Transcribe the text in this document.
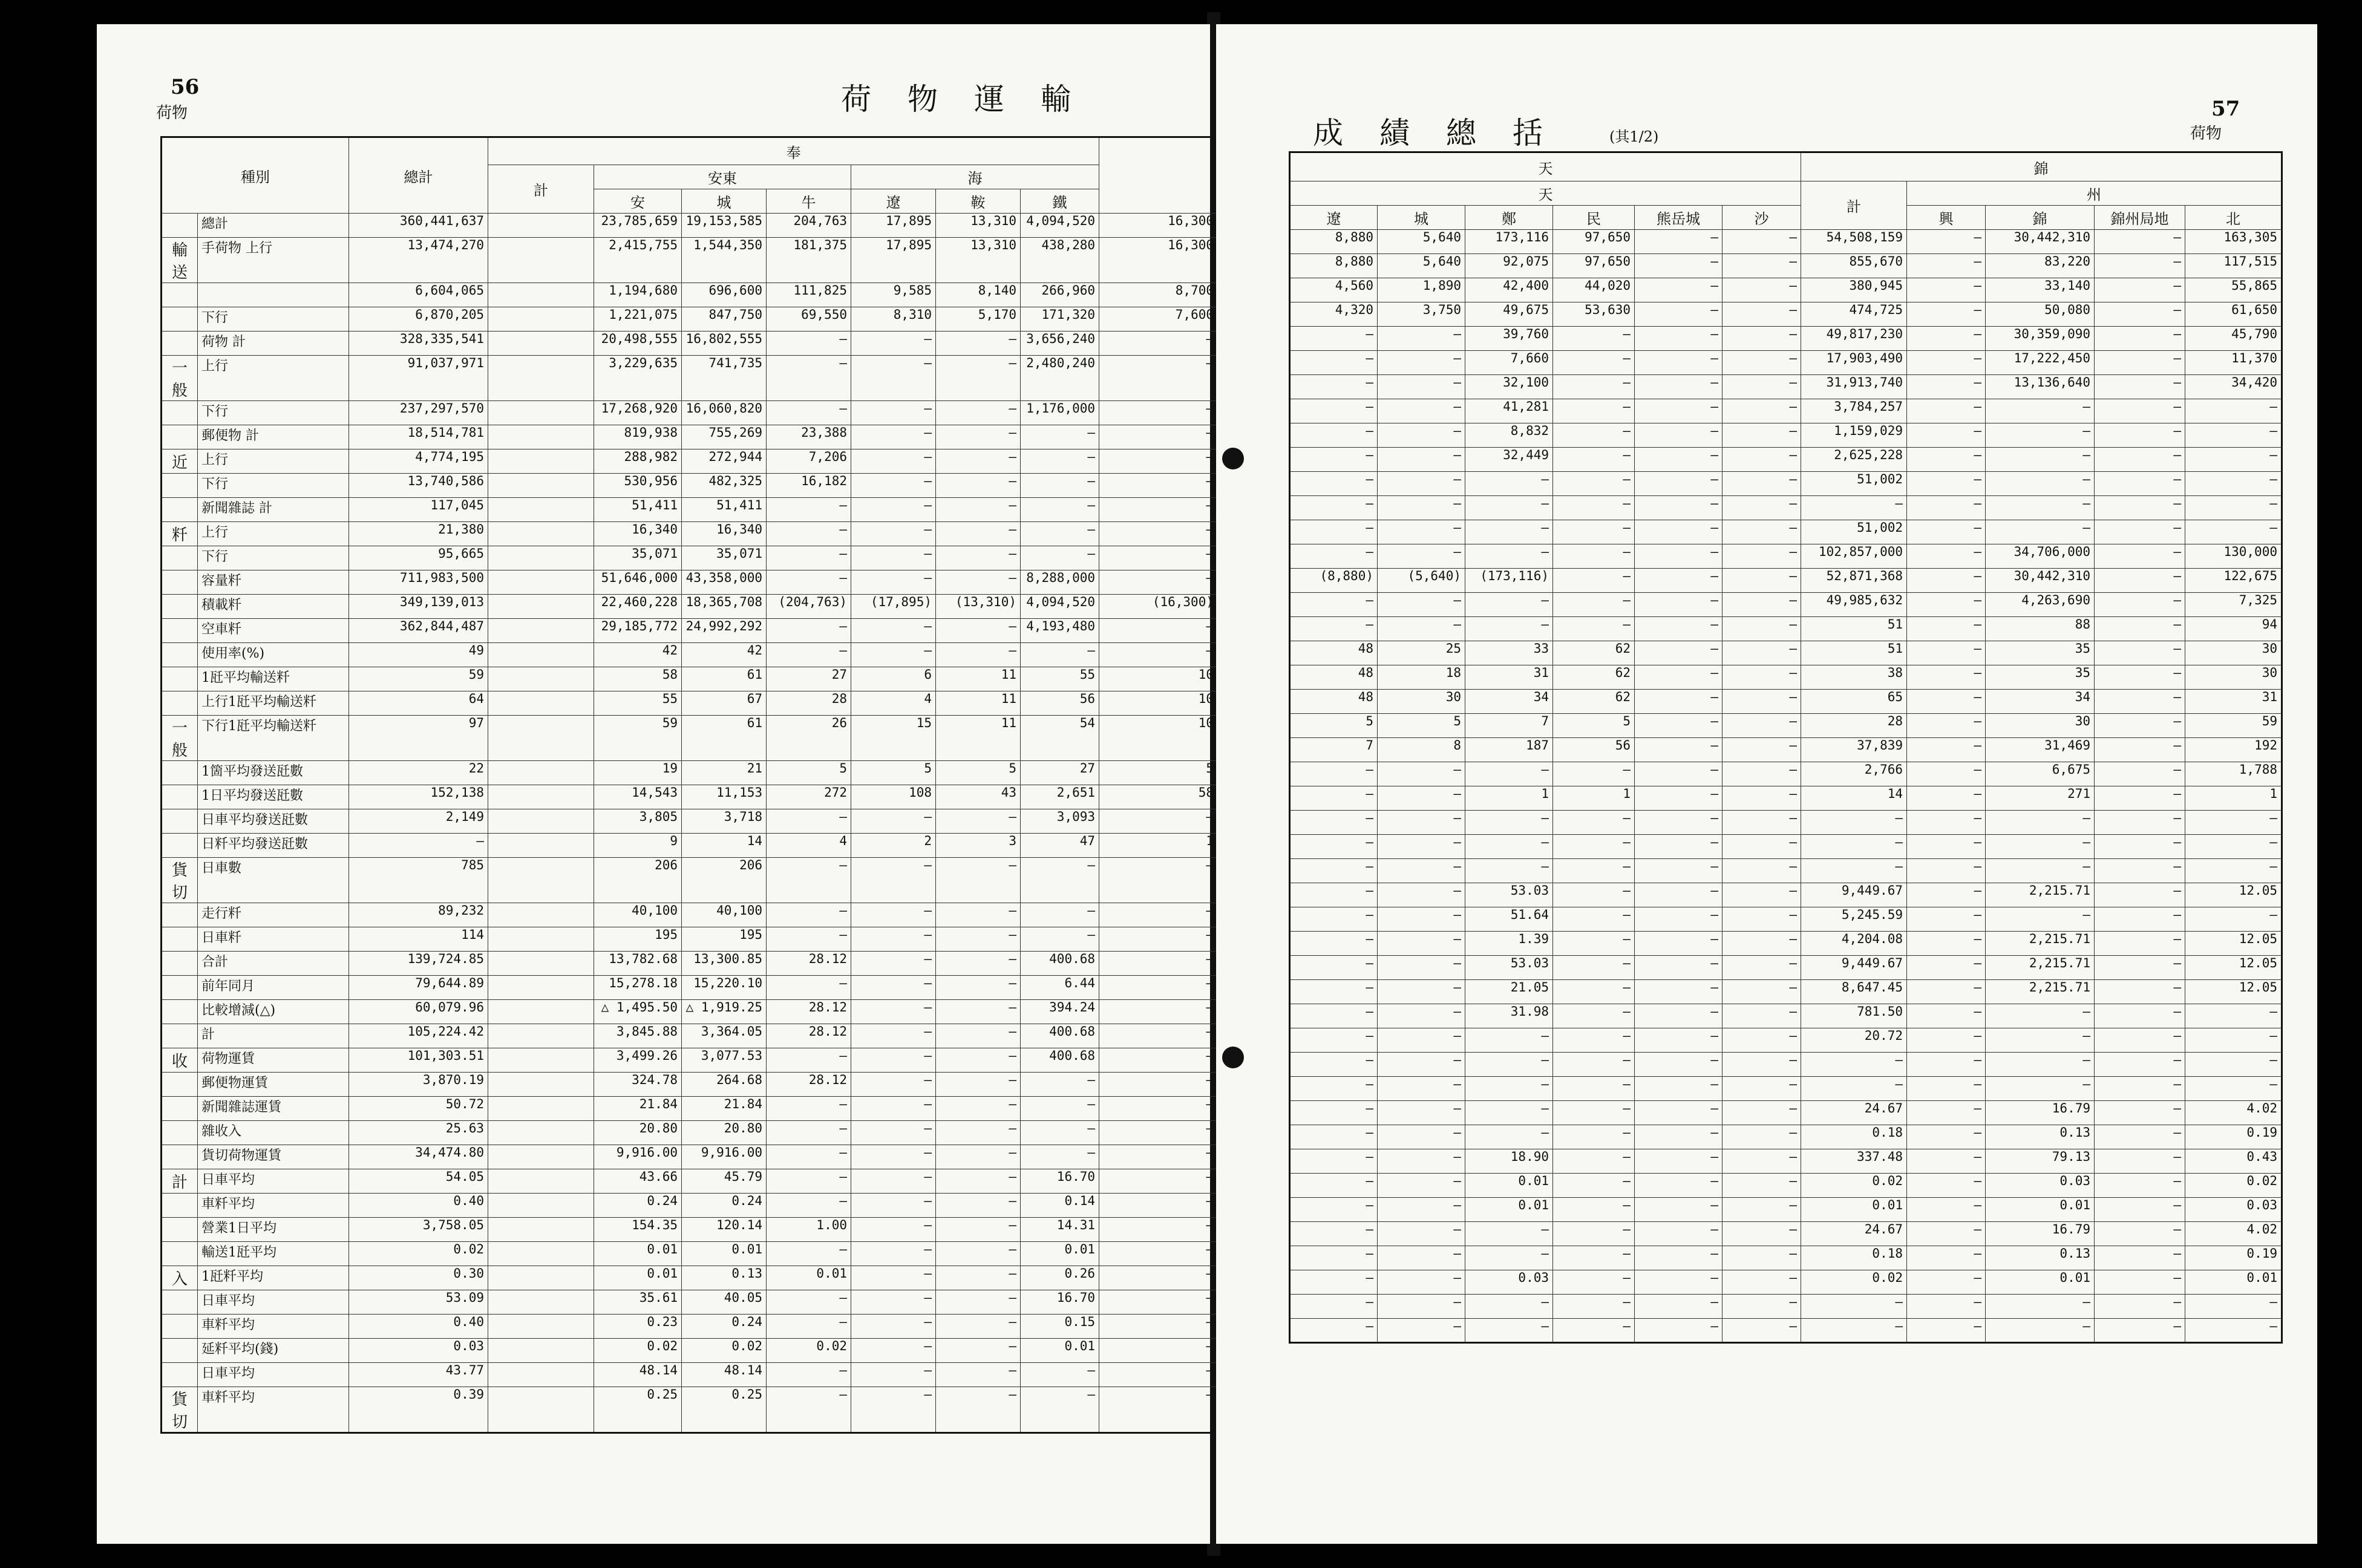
56
荷物	荷物運輸
種別		總計	奉							
			計	安東			海			
				安	城	牛	遼	鞍	鐵	
	總計	360,441,637		23,785,659	19,153,585	204,763	17,895	13,310	4,094,520	16,300
輸送	手荷物 上行	13,474,270		2,415,755	1,544,350	181,375	17,895	13,310	438,280	16,300
		6,604,065		1,194,680	696,600	111,825	9,585	8,140	266,960	8,700
	下行	6,870,205		1,221,075	847,750	69,550	8,310	5,170	171,320	7,600
	荷物 計	328,335,541		20,498,555	16,802,555	—	—	—	3,656,240	—
一般	上行	91,037,971		3,229,635	741,735	—	—	—	2,480,240	—
	下行	237,297,570		17,268,920	16,060,820	—	—	—	1,176,000	—
	郵便物 計	18,514,781		819,938	755,269	23,388	—	—	—	—
近	上行	4,774,195		288,982	272,944	7,206	—	—	—	—
	下行	13,740,586		530,956	482,325	16,182	—	—	—	—
	新聞雜誌 計	117,045		51,411	51,411	—	—	—	—	—
粁	上行	21,380		16,340	16,340	—	—	—	—	—
	下行	95,665		35,071	35,071	—	—	—	—	—
	容量粁	711,983,500		51,646,000	43,358,000	—	—	—	8,288,000	—
	積載粁	349,139,013		22,460,228	18,365,708	(204,763)	(17,895)	(13,310)	4,094,520	(16,300)
	空車粁	362,844,487		29,185,772	24,992,292	—	—	—	4,193,480	—
	使用率(%)	49		42	42	—	—	—	—	—
	1瓩平均輸送粁	59		58	61	27	6	11	55	10
	上行1瓩平均輸送粁	64		55	67	28	4	11	56	10
一般	下行1瓩平均輸送粁	97		59	61	26	15	11	54	10
	1箇平均發送瓩數	22		19	21	5	5	5	27	5
	1日平均發送瓩數	152,138		14,543	11,153	272	108	43	2,651	58
	日車平均發送瓩數	2,149		3,805	3,718	—	—	—	3,093	—
	日粁平均發送瓩數	—		9	14	4	2	3	47	1
貨切	日車數	785		206	206	—	—	—	—	—
	走行粁	89,232		40,100	40,100	—	—	—	—	—
	日車粁	114		195	195	—	—	—	—	—
	合計	139,724.85		13,782.68	13,300.85	28.12	—	—	400.68	—
	前年同月	79,644.89		15,278.18	15,220.10	—	—	—	6.44	—
	比較增減(△)	60,079.96		△ 1,495.50	△ 1,919.25	28.12	—	—	394.24	—
	計	105,224.42		3,845.88	3,364.05	28.12	—	—	400.68	—
收	荷物運賃	101,303.51		3,499.26	3,077.53	—	—	—	400.68	—
	郵便物運賃	3,870.19		324.78	264.68	28.12	—	—	—	—
	新聞雜誌運賃	50.72		21.84	21.84	—	—	—	—	—
	雜收入	25.63		20.80	20.80	—	—	—	—	—
	貨切荷物運賃	34,474.80		9,916.00	9,916.00	—	—	—	—	—
計	日車平均	54.05		43.66	45.79	—	—	—	16.70	—
	車粁平均	0.40		0.24	0.24	—	—	—	0.14	—
	營業1日平均	3,758.05		154.35	120.14	1.00	—	—	14.31	—
	輸送1瓩平均	0.02		0.01	0.01	—	—	—	0.01	—
入	1瓩粁平均	0.30		0.01	0.13	0.01	—	—	0.26	—
	日車平均	53.09		35.61	40.05	—	—	—	16.70	—
	車粁平均	0.40		0.23	0.24	—	—	—	0.15	—
	延粁平均(錢)	0.03		0.02	0.02	0.02	—	—	0.01	—
	日車平均	43.77		48.14	48.14	—	—	—	—	—
貨切	車粁平均	0.39		0.25	0.25	—	—	—	—	—
成績總括 (其1/2)
57
荷物
天						錦				
天						計	州			
遼	城	鄭	民	熊岳城	沙		興	錦	錦州局地	北
8,880	5,640	173,116	97,650	—	—	54,508,159	—	30,442,310	—	163,305
8,880	5,640	92,075	97,650	—	—	855,670	—	83,220	—	117,515
4,560	1,890	42,400	44,020	—	—	380,945	—	33,140	—	55,865
4,320	3,750	49,675	53,630	—	—	474,725	—	50,080	—	61,650
—	—	39,760	—	—	—	49,817,230	—	30,359,090	—	45,790
—	—	7,660	—	—	—	17,903,490	—	17,222,450	—	11,370
—	—	32,100	—	—	—	31,913,740	—	13,136,640	—	34,420
—	—	41,281	—	—	—	3,784,257	—	—	—	—
—	—	8,832	—	—	—	1,159,029	—	—	—	—
—	—	32,449	—	—	—	2,625,228	—	—	—	—
—	—	—	—	—	—	51,002	—	—	—	—
—	—	—	—	—	—	—	—	—	—	—
—	—	—	—	—	—	51,002	—	—	—	—
—	—	—	—	—	—	102,857,000	—	34,706,000	—	130,000
(8,880)	(5,640)	(173,116)	—	—	—	52,871,368	—	30,442,310	—	122,675
—	—	—	—	—	—	49,985,632	—	4,263,690	—	7,325
—	—	—	—	—	—	51	—	88	—	94
48	25	33	62	—	—	51	—	35	—	30
48	18	31	62	—	—	38	—	35	—	30
48	30	34	62	—	—	65	—	34	—	31
5	5	7	5	—	—	28	—	30	—	59
7	8	187	56	—	—	37,839	—	31,469	—	192
—	—	—	—	—	—	2,766	—	6,675	—	1,788
—	—	1	1	—	—	14	—	271	—	1
—	—	—	—	—	—	—	—	—	—	—
—	—	—	—	—	—	—	—	—	—	—
—	—	—	—	—	—	—	—	—	—	—
—	—	53.03	—	—	—	9,449.67	—	2,215.71	—	12.05
—	—	51.64	—	—	—	5,245.59	—	—	—	—
—	—	1.39	—	—	—	4,204.08	—	2,215.71	—	12.05
—	—	53.03	—	—	—	9,449.67	—	2,215.71	—	12.05
—	—	21.05	—	—	—	8,647.45	—	2,215.71	—	12.05
—	—	31.98	—	—	—	781.50	—	—	—	—
—	—	—	—	—	—	20.72	—	—	—	—
—	—	—	—	—	—	—	—	—	—	—
—	—	—	—	—	—	—	—	—	—	—
—	—	—	—	—	—	24.67	—	16.79	—	4.02
—	—	—	—	—	—	0.18	—	0.13	—	0.19
—	—	18.90	—	—	—	337.48	—	79.13	—	0.43
—	—	0.01	—	—	—	0.02	—	0.03	—	0.02
—	—	0.01	—	—	—	0.01	—	0.01	—	0.03
—	—	—	—	—	—	24.67	—	16.79	—	4.02
—	—	—	—	—	—	0.18	—	0.13	—	0.19
—	—	0.03	—	—	—	0.02	—	0.01	—	0.01
—	—	—	—	—	—	—	—	—	—	—
—	—	—	—	—	—	—	—	—	—	—
